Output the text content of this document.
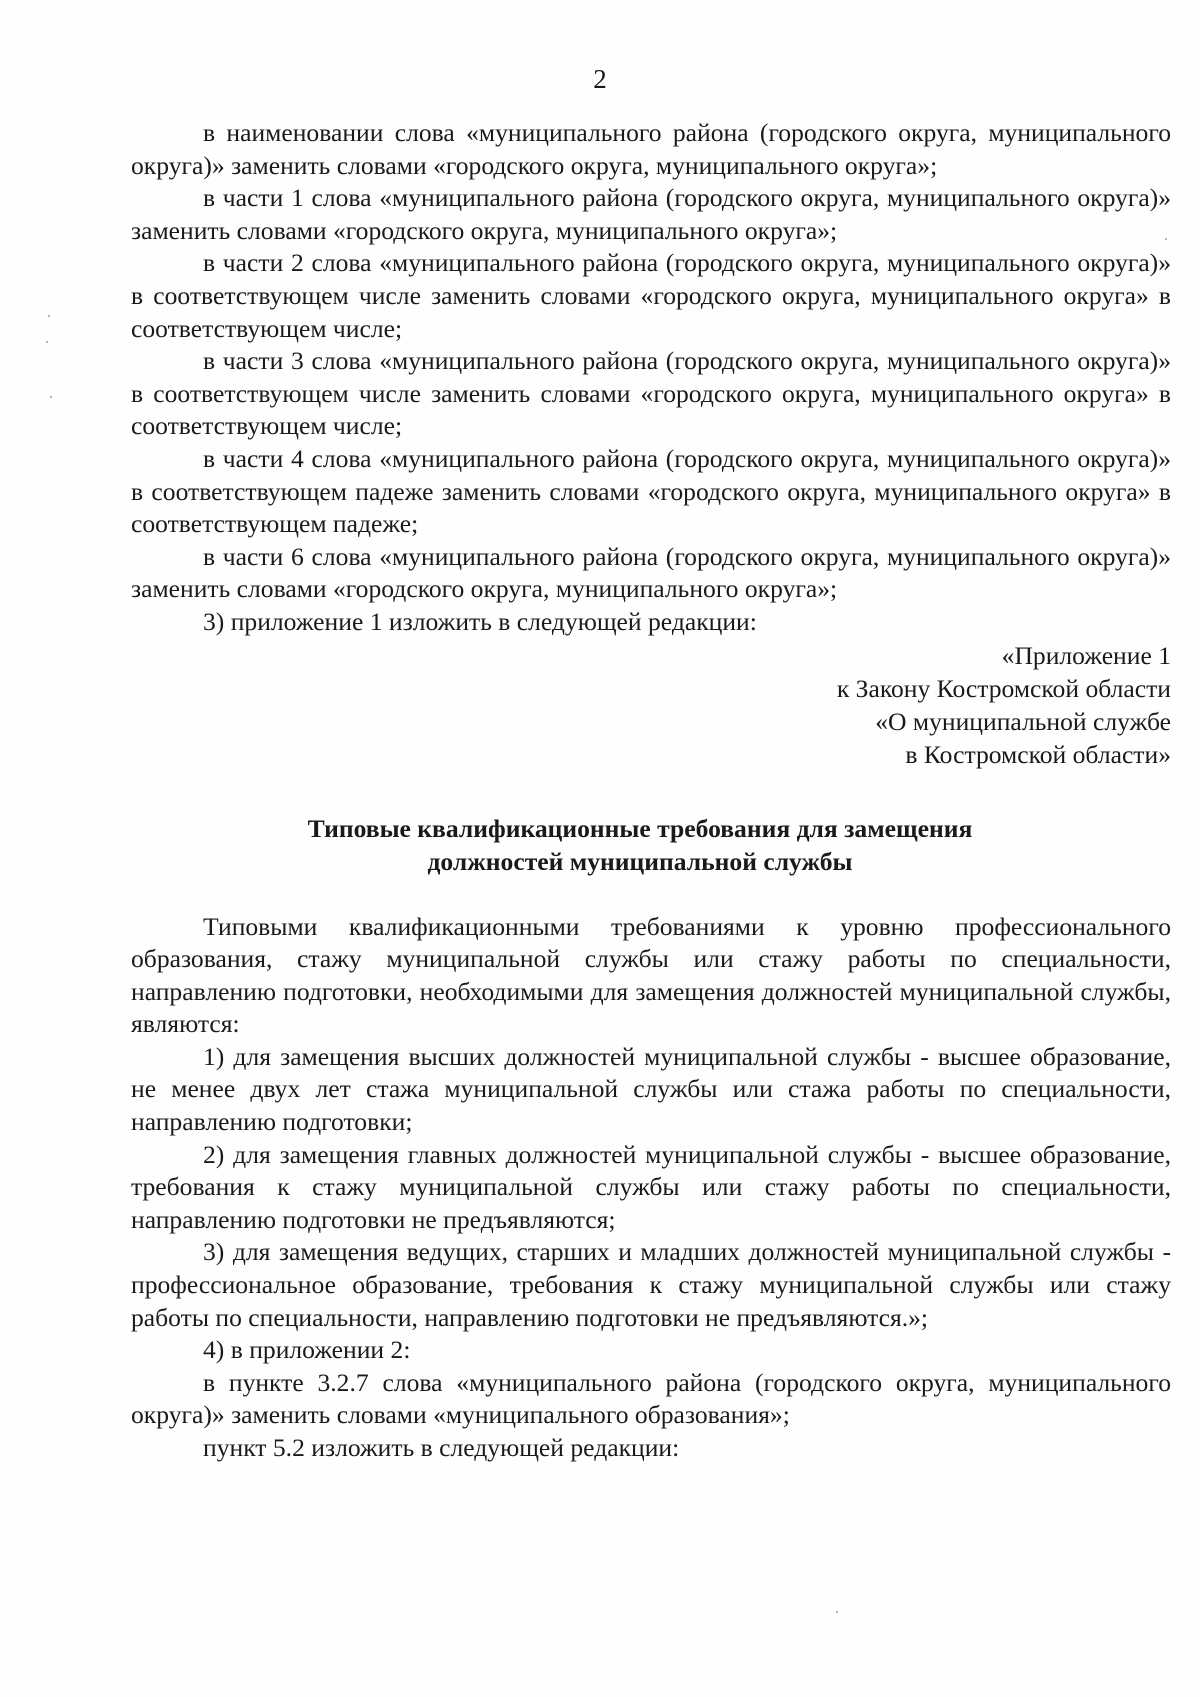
2

в наименовании слова «муниципального района (городского округа, муниципального округа)» заменить словами «городского округа, муниципального округа»;

в части 1 слова «муниципального района (городского округа, муниципального округа)» заменить словами «городского округа, муниципального округа»;

в части 2 слова «муниципального района (городского округа, муниципального округа)» в соответствующем числе заменить словами «городского округа, муниципального округа» в соответствующем числе;

в части 3 слова «муниципального района (городского округа, муниципального округа)» в соответствующем числе заменить словами «городского округа, муниципального округа» в соответствующем числе;

в части 4 слова «муниципального района (городского округа, муниципального округа)» в соответствующем падеже заменить словами «городского округа, муниципального округа» в соответствующем падеже;

в части 6 слова «муниципального района (городского округа, муниципального округа)» заменить словами «городского округа, муниципального округа»;

3) приложение 1 изложить в следующей редакции:

«Приложение 1

к Закону Костромской области

«О муниципальной службе

в Костромской области»

Типовые квалификационные требования для замещения
должностей муниципальной службы

Типовыми квалификационными требованиями к уровню профессионального образования, стажу муниципальной службы или стажу работы по специальности, направлению подготовки, необходимыми для замещения должностей муниципальной службы, являются:

1) для замещения высших должностей муниципальной службы - высшее образование, не менее двух лет стажа муниципальной службы или стажа работы по специальности, направлению подготовки;

2) для замещения главных должностей муниципальной службы - высшее образование, требования к стажу муниципальной службы или стажу работы по специальности, направлению подготовки не предъявляются;

3) для замещения ведущих, старших и младших должностей муниципальной службы - профессиональное образование, требования к стажу муниципальной службы или стажу работы по специальности, направлению подготовки не предъявляются.»;

4) в приложении 2:

в пункте 3.2.7 слова «муниципального района (городского округа, муниципального округа)» заменить словами «муниципального образования»;

пункт 5.2 изложить в следующей редакции:
